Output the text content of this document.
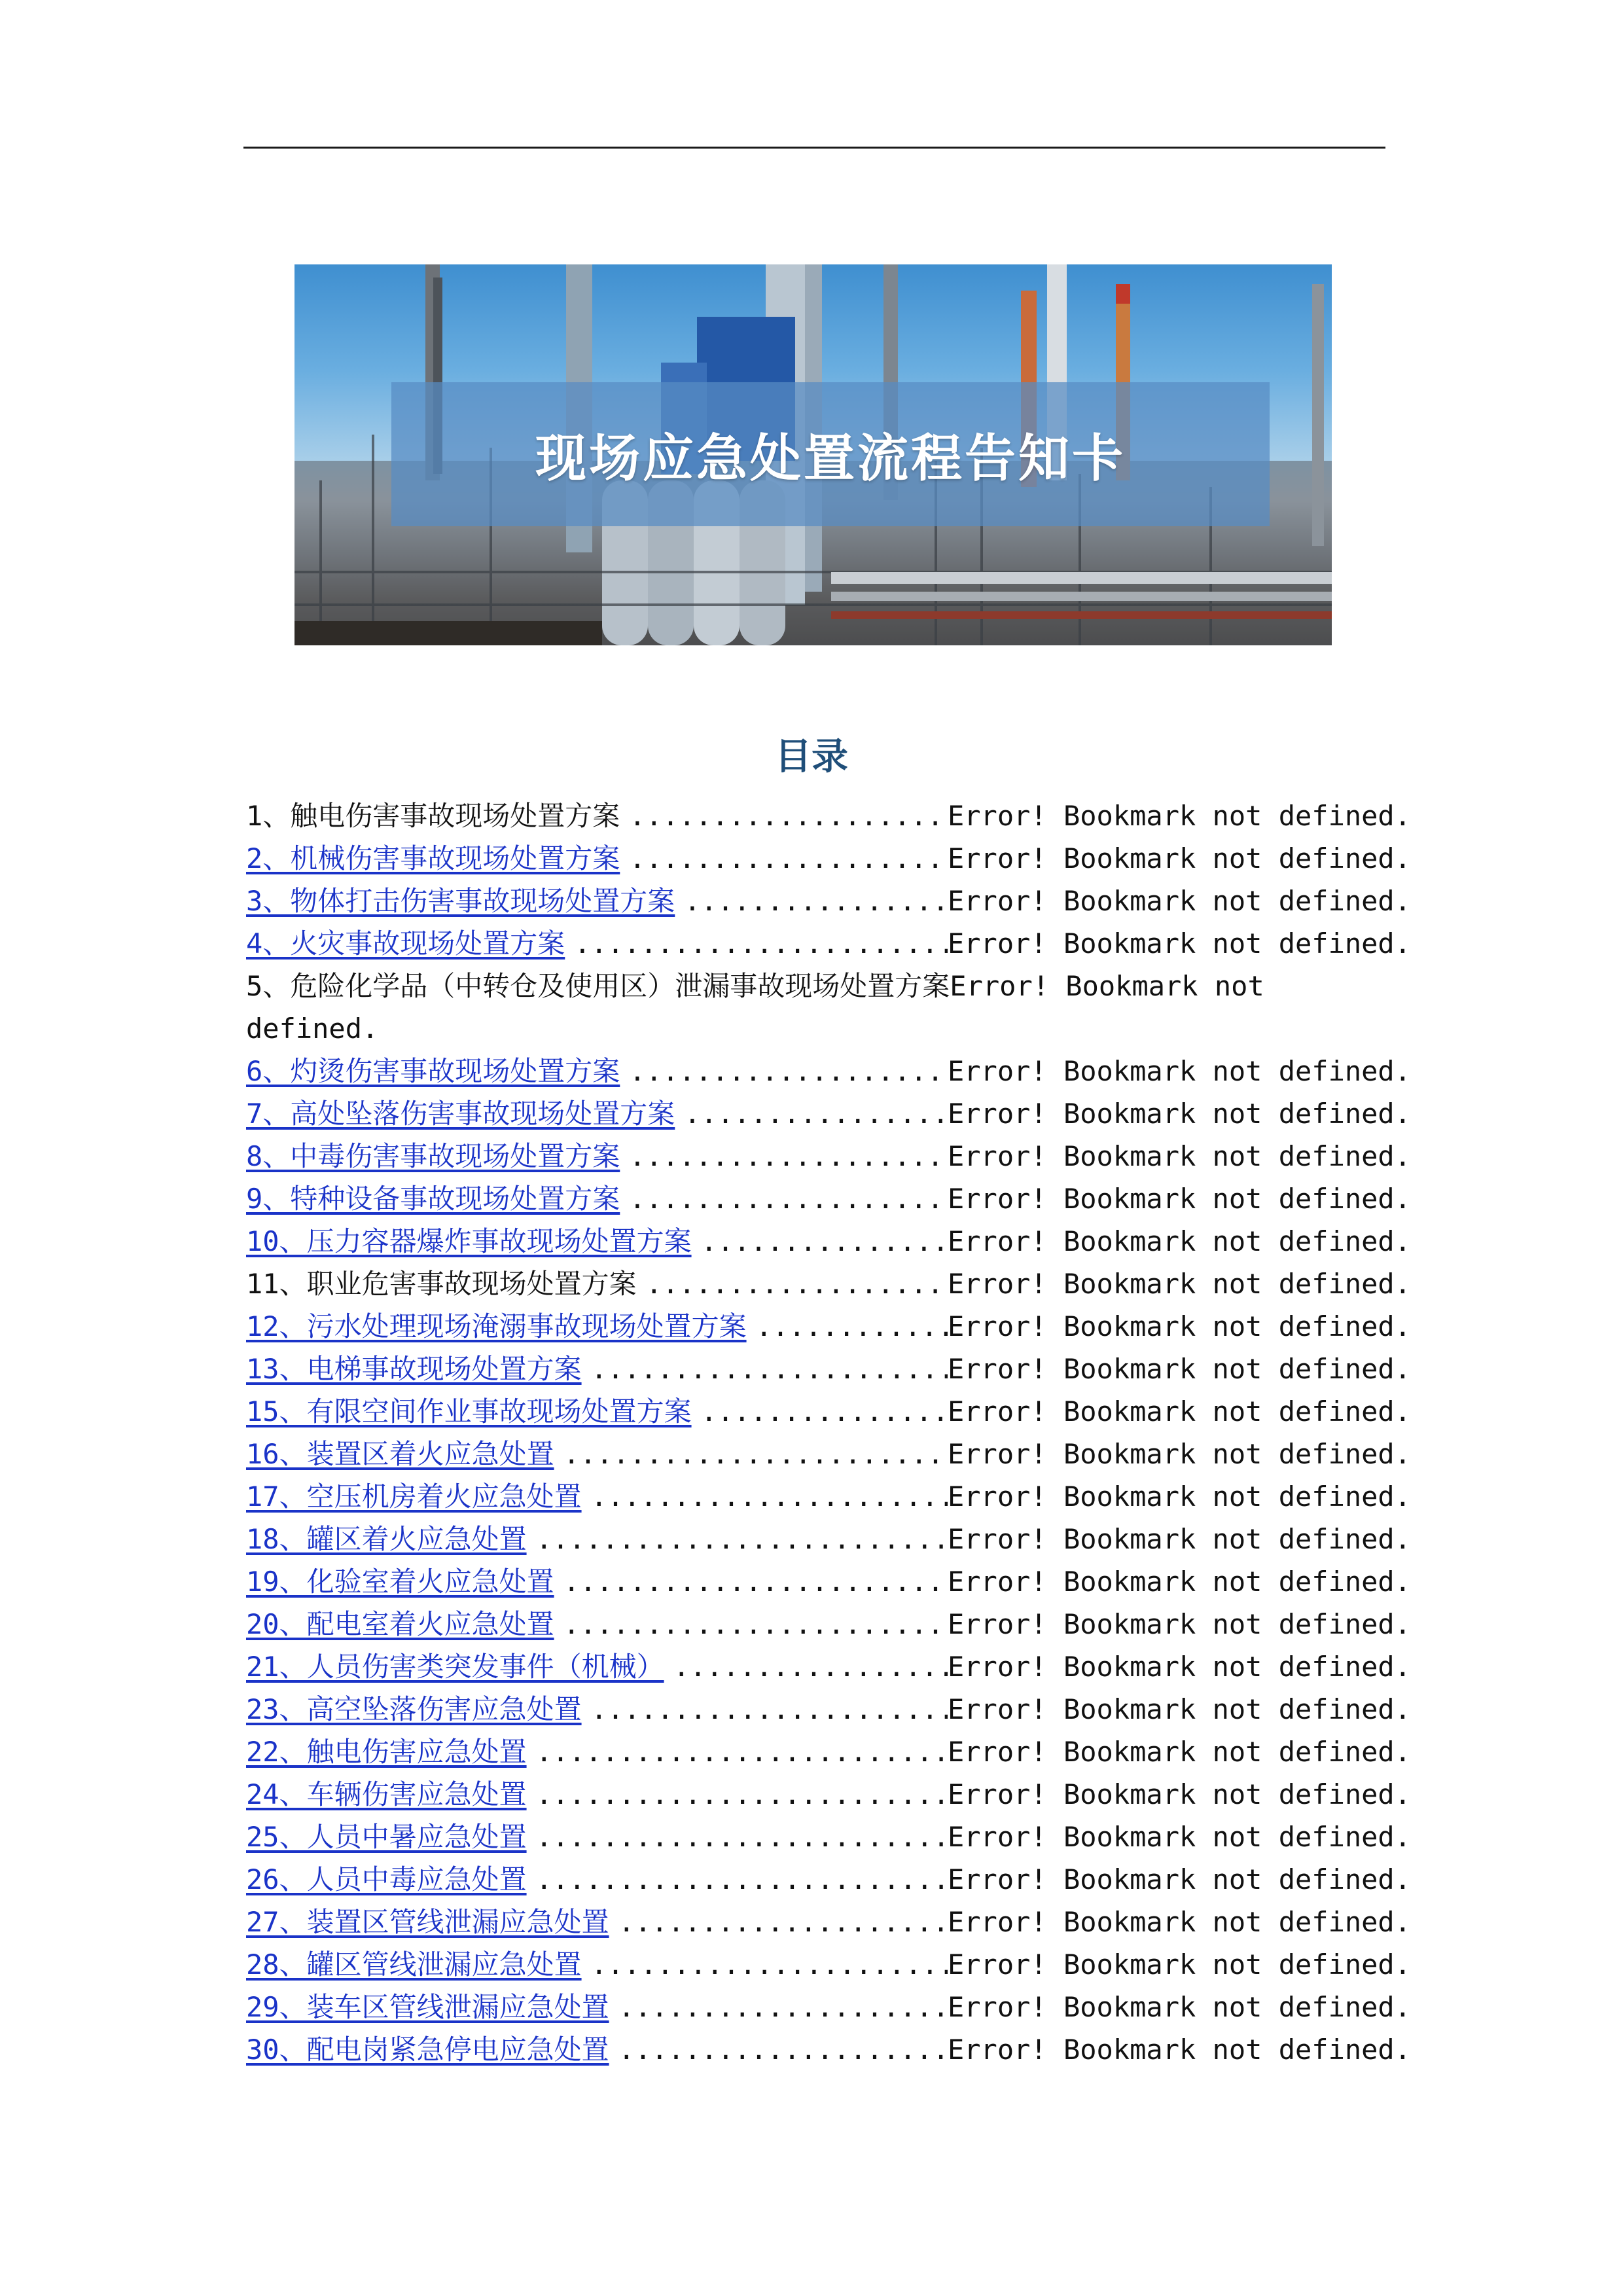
现场应急处置流程告知卡
目录
1、触电伤害事故现场处置方案 .....	Error! Bookmark not defined.
2、机械伤害事故现场处置方案 .....	Error! Bookmark not defined.
3、物体打击伤害事故现场处置方案 .....	Error! Bookmark not defined.
4、火灾事故现场处置方案 .....	Error! Bookmark not defined.
5、危险化学品（中转仓及使用区）泄漏事故现场处置方案 Error! Bookmark not
defined.
6、灼烫伤害事故现场处置方案 .....	Error! Bookmark not defined.
7、高处坠落伤害事故现场处置方案 .....	Error! Bookmark not defined.
8、中毒伤害事故现场处置方案 .....	Error! Bookmark not defined.
9、特种设备事故现场处置方案 .....	Error! Bookmark not defined.
10、压力容器爆炸事故现场处置方案 .....	Error! Bookmark not defined.
11、职业危害事故现场处置方案 .....	Error! Bookmark not defined.
12、污水处理现场淹溺事故现场处置方案 .....	Error! Bookmark not defined.
13、电梯事故现场处置方案 .....	Error! Bookmark not defined.
15、有限空间作业事故现场处置方案 .....	Error! Bookmark not defined.
16、装置区着火应急处置 .....	Error! Bookmark not defined.
17、空压机房着火应急处置 .....	Error! Bookmark not defined.
18、罐区着火应急处置 .....	Error! Bookmark not defined.
19、化验室着火应急处置 .....	Error! Bookmark not defined.
20、配电室着火应急处置 .....	Error! Bookmark not defined.
21、人员伤害类突发事件（机械） .....	Error! Bookmark not defined.
23、高空坠落伤害应急处置 .....	Error! Bookmark not defined.
22、触电伤害应急处置 .....	Error! Bookmark not defined.
24、车辆伤害应急处置 .....	Error! Bookmark not defined.
25、人员中暑应急处置 .....	Error! Bookmark not defined.
26、人员中毒应急处置 .....	Error! Bookmark not defined.
27、装置区管线泄漏应急处置 .....	Error! Bookmark not defined.
28、罐区管线泄漏应急处置 .....	Error! Bookmark not defined.
29、装车区管线泄漏应急处置 .....	Error! Bookmark not defined.
30、配电岗紧急停电应急处置 .....	Error! Bookmark not defined.
